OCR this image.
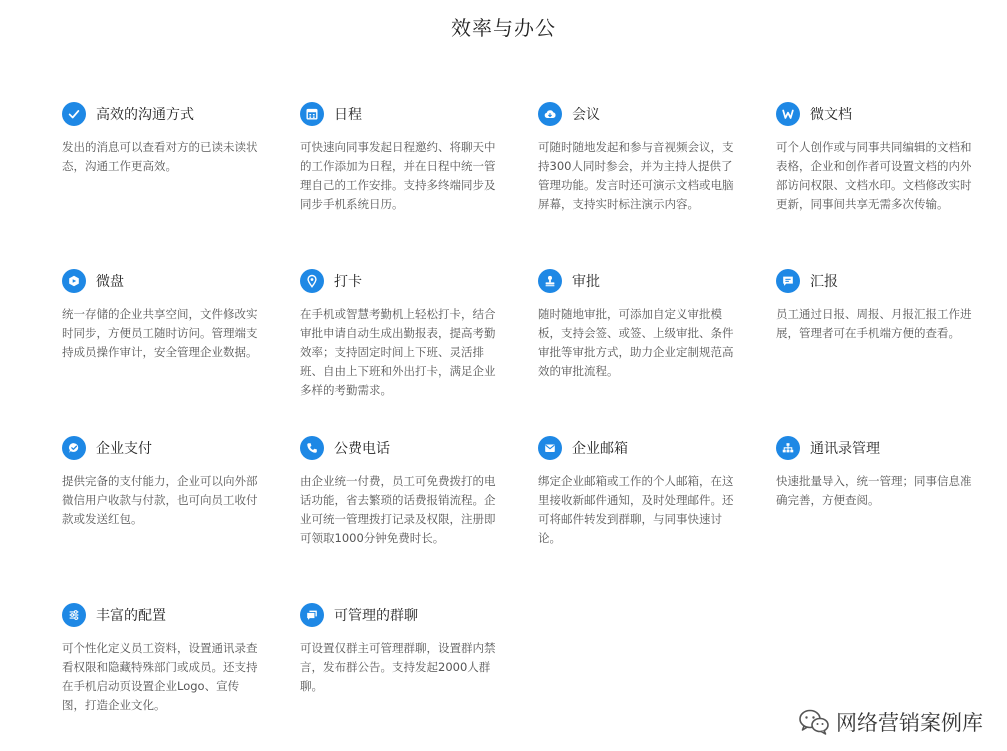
效率与办公
高效的沟通方式
发出的消息可以查看对方的已读未读状态，沟通工作更高效。
日程
可快速向同事发起日程邀约、将聊天中的工作添加为日程，并在日程中统一管理自己的工作安排。支持多终端同步及同步手机系统日历。
会议
可随时随地发起和参与音视频会议，支持300人同时参会，并为主持人提供了管理功能。发言时还可演示文档或电脑屏幕，支持实时标注演示内容。
微文档
可个人创作或与同事共同编辑的文档和表格，企业和创作者可设置文档的内外部访问权限、文档水印。文档修改实时更新，同事间共享无需多次传输。
微盘
统一存储的企业共享空间，文件修改实时同步，方便员工随时访问。管理端支持成员操作审计，安全管理企业数据。
打卡
在手机或智慧考勤机上轻松打卡，结合审批申请自动生成出勤报表，提高考勤效率；支持固定时间上下班、灵活排班、自由上下班和外出打卡，满足企业多样的考勤需求。
审批
随时随地审批，可添加自定义审批模板，支持会签、或签、上级审批、条件审批等审批方式，助力企业定制规范高效的审批流程。
汇报
员工通过日报、周报、月报汇报工作进展，管理者可在手机端方便的查看。
企业支付
提供完备的支付能力，企业可以向外部微信用户收款与付款，也可向员工收付款或发送红包。
公费电话
由企业统一付费，员工可免费拨打的电话功能，省去繁琐的话费报销流程。企业可统一管理拨打记录及权限，注册即可领取1000分钟免费时长。
企业邮箱
绑定企业邮箱或工作的个人邮箱，在这里接收新邮件通知，及时处理邮件。还可将邮件转发到群聊，与同事快速讨论。
通讯录管理
快速批量导入，统一管理；同事信息准确完善，方便查阅。
丰富的配置
可个性化定义员工资料，设置通讯录查看权限和隐藏特殊部门或成员。还支持在手机启动页设置企业Logo、宣传图，打造企业文化。
可管理的群聊
可设置仅群主可管理群聊，设置群内禁言，发布群公告。支持发起2000人群聊。
网络营销案例库
